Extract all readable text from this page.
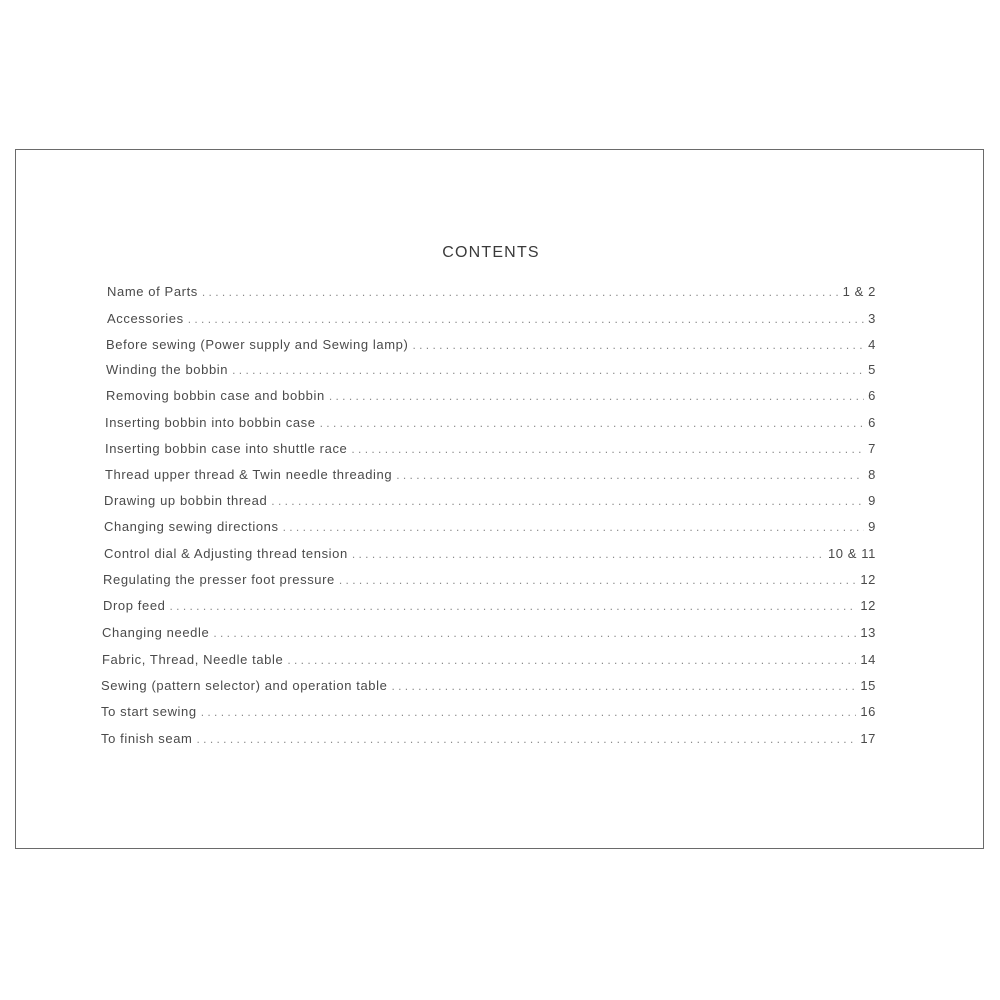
CONTENTS
Name of Parts . . .	1 & 2
Accessories . . .	3
Before sewing (Power supply and Sewing lamp) . . .	4
Winding the bobbin . . .	5
Removing bobbin case and bobbin . . .	6
Inserting bobbin into bobbin case . . .	6
Inserting bobbin case into shuttle race . . .	7
Thread upper thread & Twin needle threading . . .	8
Drawing up bobbin thread . . .	9
Changing sewing directions . . .	9
Control dial & Adjusting thread tension . . .	10 & 11
Regulating the presser foot pressure . . .	12
Drop feed . . .	12
Changing needle . . .	13
Fabric, Thread, Needle table . . .	14
Sewing (pattern selector) and operation table . . .	15
To start sewing . . .	16
To finish seam . . .	17
